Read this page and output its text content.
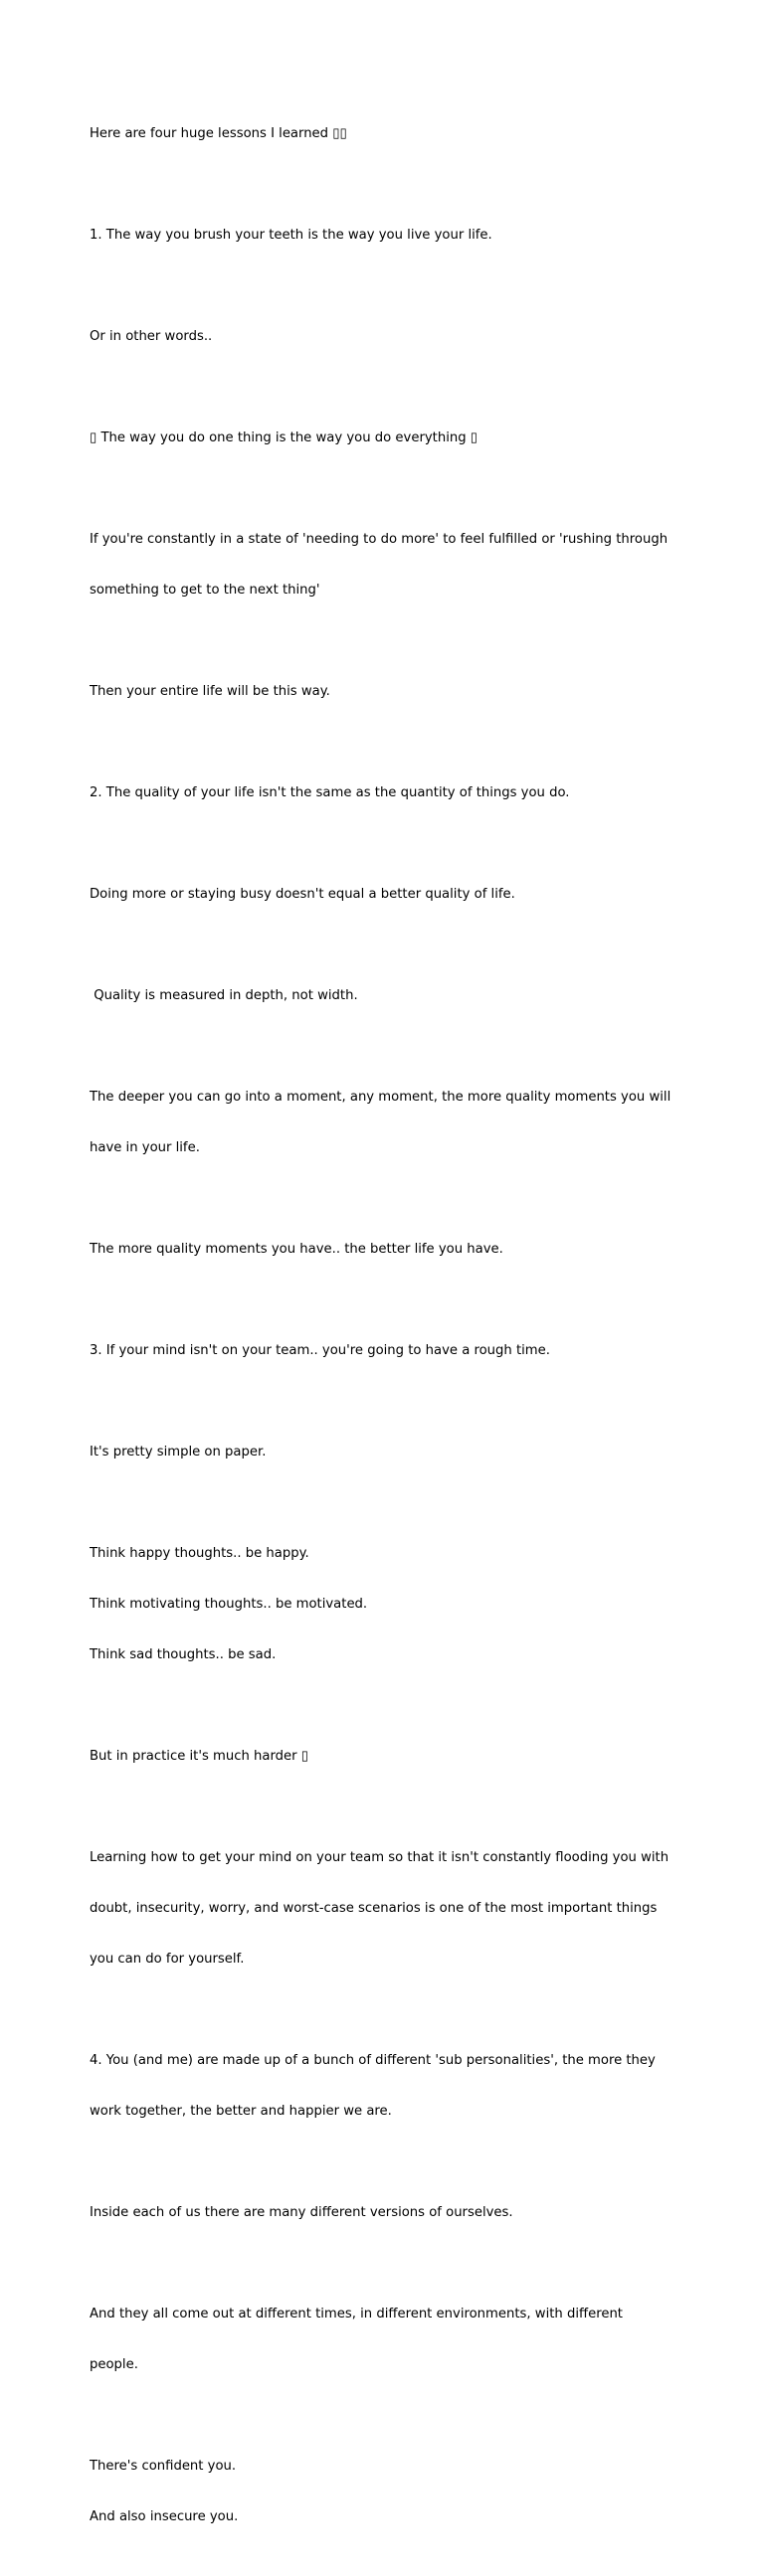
Here are four huge lessons I learned ▯▯

1. The way you brush your teeth is the way you live your life.

Or in other words..

▯ The way you do one thing is the way you do everything ▯

If you're constantly in a state of 'needing to do more' to feel fulfilled or 'rushing through

something to get to the next thing'

Then your entire life will be this way.

2. The quality of your life isn't the same as the quantity of things you do.

Doing more or staying busy doesn't equal a better quality of life.

Quality is measured in depth, not width.

The deeper you can go into a moment, any moment, the more quality moments you will

have in your life.

The more quality moments you have.. the better life you have.

3. If your mind isn't on your team.. you're going to have a rough time.

It's pretty simple on paper.

Think happy thoughts.. be happy.

Think motivating thoughts.. be motivated.

Think sad thoughts.. be sad.

But in practice it's much harder ▯

Learning how to get your mind on your team so that it isn't constantly flooding you with

doubt, insecurity, worry, and worst-case scenarios is one of the most important things

you can do for yourself.

4. You (and me) are made up of a bunch of different 'sub personalities', the more they

work together, the better and happier we are.

Inside each of us there are many different versions of ourselves.

And they all come out at different times, in different environments, with different

people.

There's confident you.

And also insecure you.
